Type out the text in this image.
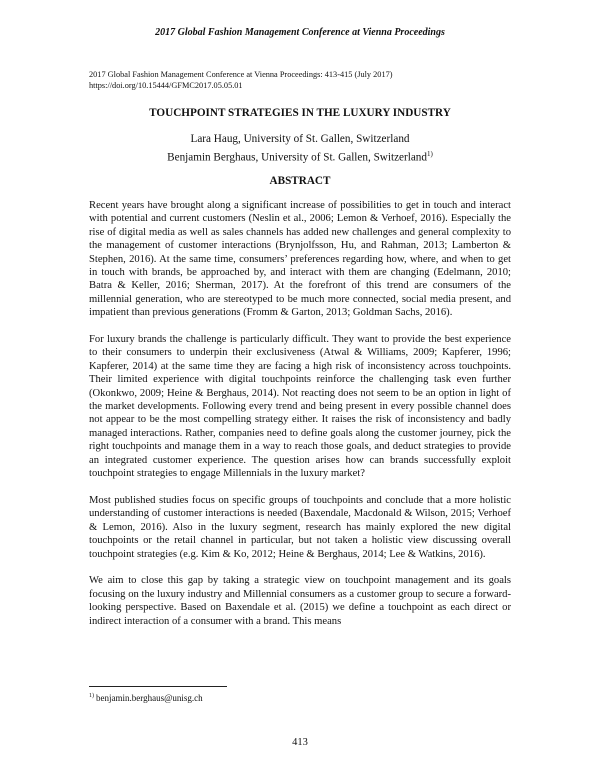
2017 Global Fashion Management Conference at Vienna Proceedings
2017 Global Fashion Management Conference at Vienna Proceedings: 413-415 (July 2017)
https://doi.org/10.15444/GFMC2017.05.05.01
TOUCHPOINT STRATEGIES IN THE LUXURY INDUSTRY
Lara Haug, University of St. Gallen, Switzerland
Benjamin Berghaus, University of St. Gallen, Switzerland$^{1)}$
ABSTRACT

Recent years have brought along a significant increase of possibilities to get in touch and interact with potential and current customers (Neslin et al., 2006; Lemon & Verhoef, 2016). Especially the rise of digital media as well as sales channels has added new challenges and general complexity to the management of customer interactions (Brynjolfsson, Hu, and Rahman, 2013; Lamberton & Stephen, 2016). At the same time, consumers’ preferences regarding how, where, and when to get in touch with brands, be approached by, and interact with them are changing (Edelmann, 2010; Batra & Keller, 2016; Sherman, 2017). At the forefront of this trend are consumers of the millennial generation, who are stereotyped to be much more connected, social media present, and impatient than previous generations (Fromm & Garton, 2013; Goldman Sachs, 2016).

For luxury brands the challenge is particularly difficult. They want to provide the best experience to their consumers to underpin their exclusiveness (Atwal & Williams, 2009; Kapferer, 1996; Kapferer, 2014) at the same time they are facing a high risk of inconsistency across touchpoints. Their limited experience with digital touchpoints reinforce the challenging task even further (Okonkwo, 2009; Heine & Berghaus, 2014). Not reacting does not seem to be an option in light of the market developments. Following every trend and being present in every possible channel does not appear to be the most compelling strategy either. It raises the risk of inconsistency and badly managed interactions. Rather, companies need to define goals along the customer journey, pick the right touchpoints and manage them in a way to reach those goals, and deduct strategies to provide an integrated customer experience. The question arises how can brands successfully exploit touchpoint strategies to engage Millennials in the luxury market?

Most published studies focus on specific groups of touchpoints and conclude that a more holistic understanding of customer interactions is needed (Baxendale, Macdonald & Wilson, 2015; Verhoef & Lemon, 2016). Also in the luxury segment, research has mainly explored the new digital touchpoints or the retail channel in particular, but not taken a holistic view discussing overall touchpoint strategies (e.g. Kim & Ko, 2012; Heine & Berghaus, 2014; Lee & Watkins, 2016).

We aim to close this gap by taking a strategic view on touchpoint management and its goals focusing on the luxury industry and Millennial consumers as a customer group to secure a forward-looking perspective. Based on Baxendale et al. (2015) we define a touchpoint as each direct or indirect interaction of a consumer with a brand. This means

$^{1)}$ benjamin.berghaus@unisg.ch
413
